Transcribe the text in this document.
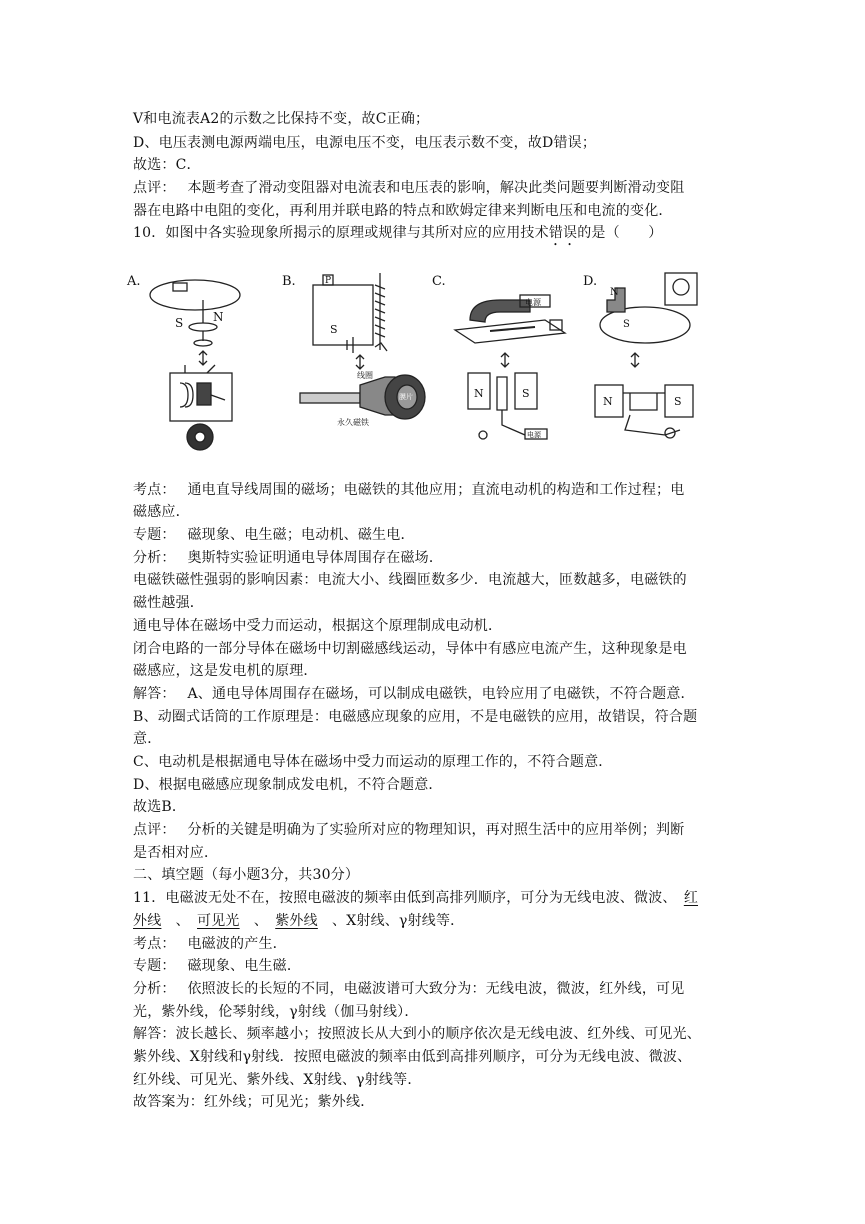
V和电流表A2的示数之比保持不变，故C正确；
D、电压表测电源两端电压，电源电压不变，电压表示数不变，故D错误；
故选：C．
点评：　 本题考查了滑动变阻器对电流表和电压表的影响，解决此类问题要判断滑动变阻
器在电路中电阻的变化，再利用并联电路的特点和欧姆定律来判断电压和电流的变化．
10．如图中各实验现象所揭示的原理或规律与其所对应的应用技术错误的是（　　）
A.
S N
B.	P
S
线圈
膜片
永久磁铁
C.
电源
N	S
电源
D.
N
S
N	S
考点：　 通电直导线周围的磁场；电磁铁的其他应用；直流电动机的构造和工作过程；电
磁感应．
专题：　 磁现象、电生磁；电动机、磁生电．
分析：　 奥斯特实验证明通电导体周围存在磁场．
电磁铁磁性强弱的影响因素：电流大小、线圈匝数多少．电流越大，匝数越多，电磁铁的
磁性越强．
通电导体在磁场中受力而运动，根据这个原理制成电动机．
闭合电路的一部分导体在磁场中切割磁感线运动，导体中有感应电流产生，这种现象是电
磁感应，这是发电机的原理．
解答：　 A、通电导体周围存在磁场，可以制成电磁铁，电铃应用了电磁铁，不符合题意．
B、动圈式话筒的工作原理是：电磁感应现象的应用，不是电磁铁的应用，故错误，符合题
意．
C、电动机是根据通电导体在磁场中受力而运动的原理工作的，不符合题意．
D、根据电磁感应现象制成发电机，不符合题意．
故选B．
点评：　 分析的关键是明确为了实验所对应的物理知识，再对照生活中的应用举例；判断
是否相对应．
二、填空题（每小题3分，共30分）
11．电磁波无处不在，按照电磁波的频率由低到高排列顺序，可分为无线电波、微波、　红
外线　、　可见光　、　紫外线　、X射线、γ射线等．
考点：　 电磁波的产生．
专题：　 磁现象、电生磁．
分析：　 依照波长的长短的不同，电磁波谱可大致分为：无线电波，微波，红外线，可见
光，紫外线，伦琴射线，γ射线（伽马射线）．
解答：波长越长、频率越小；按照波长从大到小的顺序依次是无线电波、红外线、可见光、
紫外线、X射线和γ射线．按照电磁波的频率由低到高排列顺序，可分为无线电波、微波、
红外线、可见光、紫外线、X射线、γ射线等．
故答案为：红外线；可见光；紫外线．
